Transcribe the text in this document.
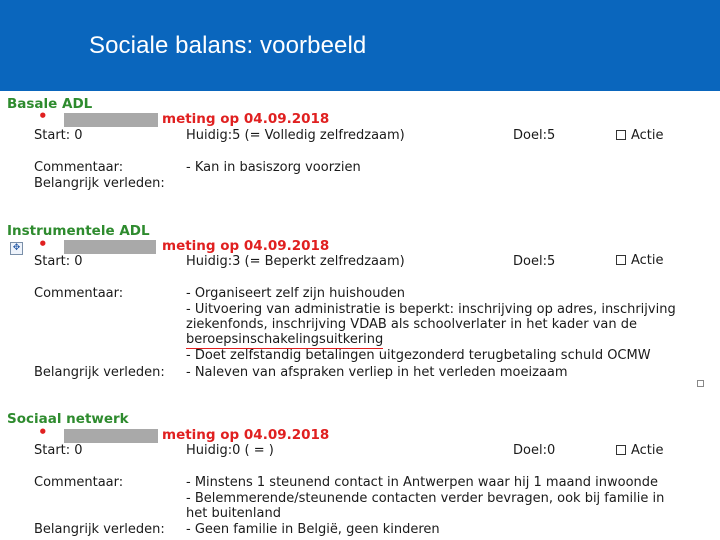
Sociale balans: voorbeeld
Basale ADL
•	meting op 04.09.2018
Start: 0	Huidig:5 (= Volledig zelfredzaam)	Doel:5	Actie
Commentaar:	- Kan in basiszorg voorzien
Belangrijk verleden:
Instrumentele ADL
✥ •	meting op 04.09.2018
Start: 0	Huidig:3 (= Beperkt zelfredzaam)	Doel:5	Actie
Commentaar:	- Organiseert zelf zijn huishouden
- Uitvoering van administratie is beperkt: inschrijving op adres, inschrijving
ziekenfonds, inschrijving VDAB als schoolverlater in het kader van de
beroepsinschakelingsuitkering
- Doet zelfstandig betalingen uitgezonderd terugbetaling schuld OCMW
Belangrijk verleden: - Naleven van afspraken verliep in het verleden moeizaam
Sociaal netwerk
•	meting op 04.09.2018
Start: 0	Huidig:0 ( = )	Doel:0	Actie
Commentaar:	- Minstens 1 steunend contact in Antwerpen waar hij 1 maand inwoonde
- Belemmerende/steunende contacten verder bevragen, ook bij familie in
het buitenland
Belangrijk verleden: - Geen familie in België, geen kinderen
